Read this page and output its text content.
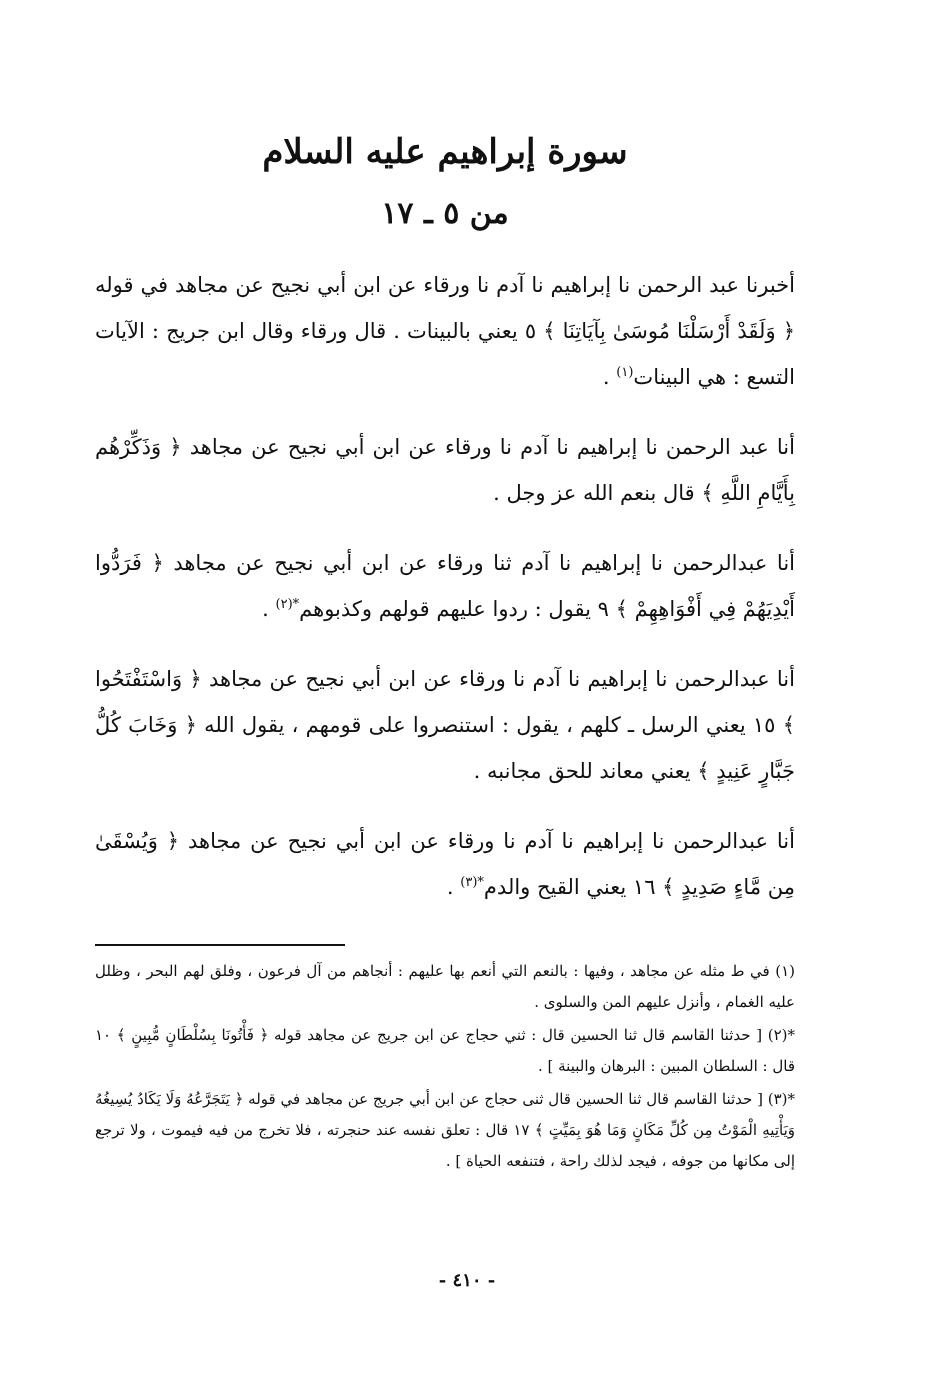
سورة إبراهيم عليه السلام
من ٥ ـ ١٧

أخبرنا عبد الرحمن نا إبراهيم نا آدم نا ورقاء عن ابن أبي نجيح عن مجاهد في قوله ﴿ وَلَقَدْ أَرْسَلْنَا مُوسَىٰ بِآيَاتِنَا ﴾ ٥ يعني بالبينات . قال ورقاء وقال ابن جريج : الآيات التسع : هي البينات$^{(١)}$ .

أنا عبد الرحمن نا إبراهيم نا آدم نا ورقاء عن ابن أبي نجيح عن مجاهد ﴿ وَذَكِّرْهُم بِأَيَّامِ اللَّهِ ﴾ قال بنعم الله عز وجل .

أنا عبدالرحمن نا إبراهيم نا آدم ثنا ورقاء عن ابن أبي نجيح عن مجاهد ﴿ فَرَدُّوا أَيْدِيَهُمْ فِي أَفْوَاهِهِمْ ﴾ ٩ يقول : ردوا عليهم قولهم وكذبوهم$^{*(٢)}$ .

أنا عبدالرحمن نا إبراهيم نا آدم نا ورقاء عن ابن أبي نجيح عن مجاهد ﴿ وَاسْتَفْتَحُوا ﴾ ١٥ يعني الرسل ـ كلهم ، يقول : استنصروا على قومهم ، يقول الله ﴿ وَخَابَ كُلُّ جَبَّارٍ عَنِيدٍ ﴾ يعني معاند للحق مجانبه .

أنا عبدالرحمن نا إبراهيم نا آدم نا ورقاء عن ابن أبي نجيح عن مجاهد ﴿ وَيُسْقَىٰ مِن مَّاءٍ صَدِيدٍ ﴾ ١٦ يعني القيح والدم$^{*(٣)}$ .

(١) في ط مثله عن مجاهد ، وفيها : بالنعم التي أنعم بها عليهم : أنجاهم من آل فرعون ، وفلق لهم البحر ، وظلل عليه الغمام ، وأنزل عليهم المن والسلوى .

*(٢) [ حدثنا القاسم قال ثنا الحسين قال : ثني حجاج عن ابن جريج عن مجاهد قوله ﴿ فَأْتُونَا بِسُلْطَانٍ مُّبِينٍ ﴾ ١٠ قال : السلطان المبين : البرهان والبينة ] .

*(٣) [ حدثنا القاسم قال ثنا الحسين قال ثنى حجاج عن ابن أبي جريج عن مجاهد في قوله ﴿ يَتَجَرَّعُهُ وَلَا يَكَادُ يُسِيغُهُ وَيَأْتِيهِ الْمَوْتُ مِن كُلِّ مَكَانٍ وَمَا هُوَ بِمَيِّتٍ ﴾ ١٧ قال : تعلق نفسه عند حنجرته ، فلا تخرج من فيه فيموت ، ولا ترجع إلى مكانها من جوفه ، فيجد لذلك راحة ، فتنفعه الحياة ] .

- ٤١٠ -
